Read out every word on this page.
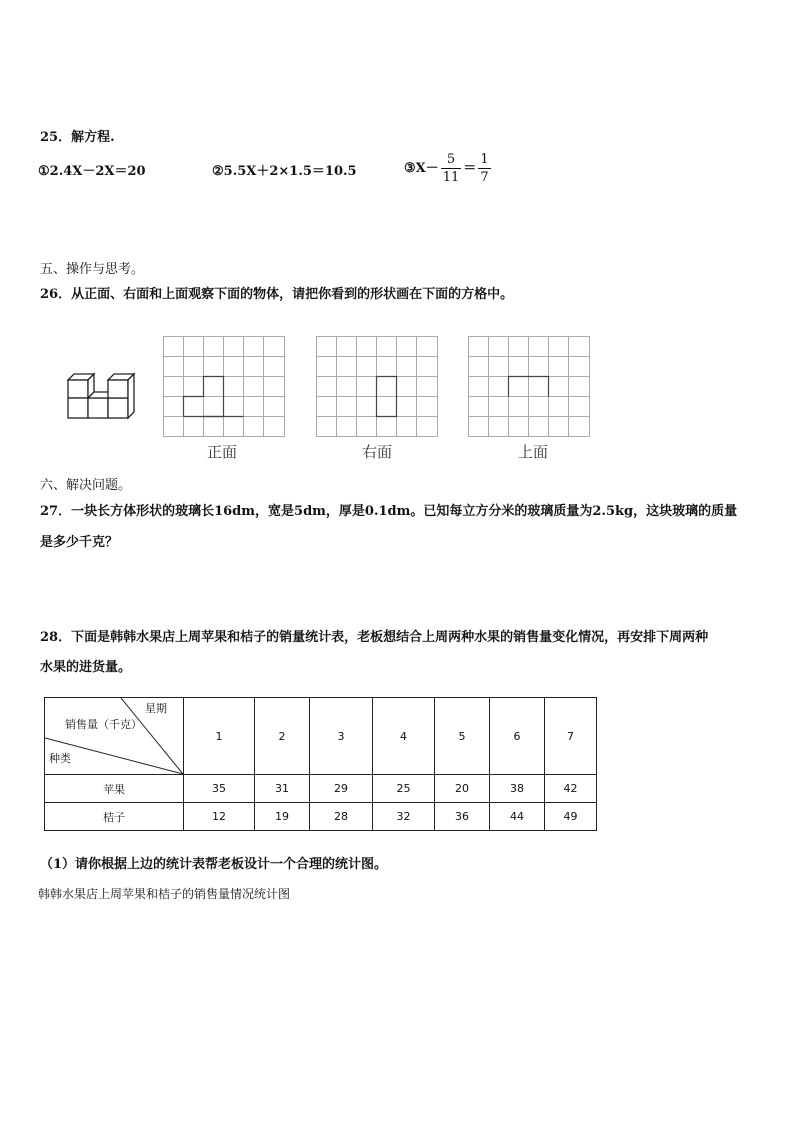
25．解方程.
①2.4X－2X＝20	②5.5X＋2×1.5＝10.5	③X－ $\frac{5}{11} = \frac{1}{7}$
五、操作与思考。
26．从正面、右面和上面观察下面的物体，请把你看到的形状画在下面的方格中。
正面	右面	上面
六、解决问题。
27．一块长方体形状的玻璃长16dm，宽是5dm，厚是0.1dm。已知每立方分米的玻璃质量为2.5kg，这块玻璃的质量
是多少千克？
28．下面是韩韩水果店上周苹果和桔子的销量统计表，老板想结合上周两种水果的销售量变化情况，再安排下周两种
水果的进货量。
星期
销售量（千克）
种类	1	2	3	4	5	6	7
苹果	35	31	29	25	20	38	42
桔子	12	19	28	32	36	44	49
（1）请你根据上边的统计表帮老板设计一个合理的统计图。
韩韩水果店上周苹果和桔子的销售量情况统计图
